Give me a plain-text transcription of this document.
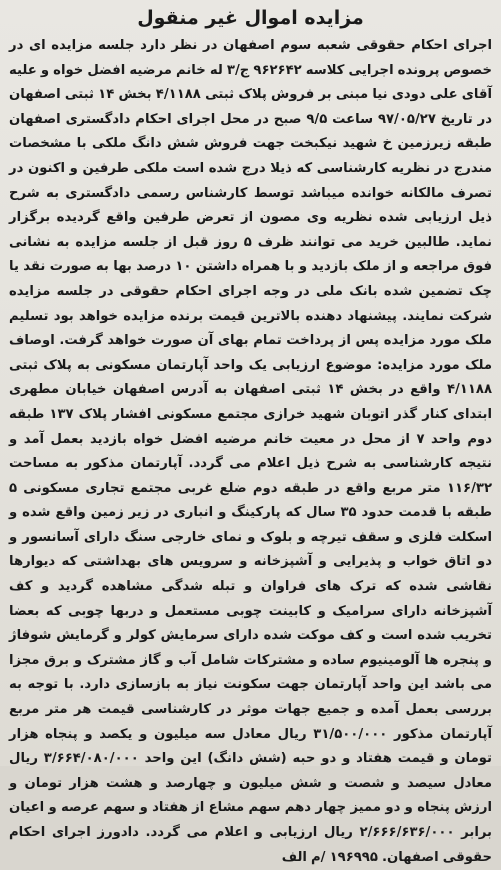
مزایده اموال غیر منقول

اجرای احکام حقوقی شعبه سوم اصفهان در نظر دارد جلسه مزایده ای در خصوص پرونده اجرایی کلاسه ۹۶۲۶۴۲ ج/۳ له خانم مرضیه افضل خواه و علیه آقای علی دودی نیا مبنی بر فروش پلاک ثبتی ۴/۱۱۸۸ بخش ۱۴ ثبتی اصفهان در تاریخ ۹۷/۰۵/۲۷ ساعت ۹/۵ صبح در محل اجرای احکام دادگستری اصفهان طبقه زیرزمین خ شهید نیکبخت جهت فروش شش دانگ ملکی با مشخصات مندرج در نظریه کارشناسی که ذیلا درج شده است ملکی طرفین و اکنون در تصرف مالکانه خوانده میباشد توسط کارشناس رسمی دادگستری به شرح ذیل ارزیابی شده نظریه وی مصون از تعرض طرفین واقع گردیده برگزار نماید. طالبین خرید می توانند ظرف ۵ روز قبل از جلسه مزایده به نشانی فوق مراجعه و از ملک بازدید و با همراه داشتن ۱۰ درصد بها به صورت نقد یا چک تضمین شده بانک ملی در وجه اجرای احکام حقوقی در جلسه مزایده شرکت نمایند. پیشنهاد دهنده بالاترین قیمت برنده مزایده خواهد بود تسلیم ملک مورد مزایده پس از پرداخت تمام بهای آن صورت خواهد گرفت. اوصاف ملک مورد مزایده: موضوع ارزیابی یک واحد آپارتمان مسکونی به پلاک ثبتی ۴/۱۱۸۸ واقع در بخش ۱۴ ثبتی اصفهان به آدرس اصفهان خیابان مطهری ابتدای کنار گذر اتوبان شهید خرازی مجتمع مسکونی افشار پلاک ۱۳۷ طبقه دوم واحد ۷ از محل در معیت خانم مرضیه افضل خواه بازدید بعمل آمد و نتیجه کارشناسی به شرح ذیل اعلام می گردد. آپارتمان مذکور به مساحت ۱۱۶/۳۲ متر مربع واقع در طبقه دوم ضلع غربی مجتمع تجاری مسکونی ۵ طبقه با قدمت حدود ۳۵ سال که پارکینگ و انباری در زیر زمین واقع شده و اسکلت فلزی و سقف تیرچه و بلوک و نمای خارجی سنگ دارای آسانسور و دو اتاق خواب و پذیرایی و آشپزخانه و سرویس های بهداشتی که دیوارها نقاشی شده که ترک های فراوان و تبله شدگی مشاهده گردید و کف آشپزخانه دارای سرامیک و کابینت چوبی مستعمل و دربها چوبی که بعضا تخریب شده است و کف موکت شده دارای سرمایش کولر و گرمایش شوفاژ و پنجره ها آلومینیوم ساده و مشترکات شامل آب و گاز مشترک و برق مجزا می باشد این واحد آپارتمان جهت سکونت نیاز به بازسازی دارد. با توجه به بررسی بعمل آمده و جمیع جهات موثر در کارشناسی قیمت هر متر مربع آپارتمان مذکور ۳۱/۵۰۰/۰۰۰ ریال معادل سه میلیون و یکصد و پنجاه هزار تومان و قیمت هفتاد و دو حبه (شش دانگ) این واحد ۳/۶۶۴/۰۸۰/۰۰۰ ریال معادل سیصد و شصت و شش میلیون و چهارصد و هشت هزار تومان و ارزش پنجاه و دو ممیز چهار دهم سهم مشاع از هفتاد و سهم عرصه و اعیان برابر ۲/۶۶۶/۶۳۶/۰۰۰ ریال ارزیابی و اعلام می گردد. دادورز اجرای احکام حقوقی اصفهان. ۱۹۶۹۹۵ /م الف
